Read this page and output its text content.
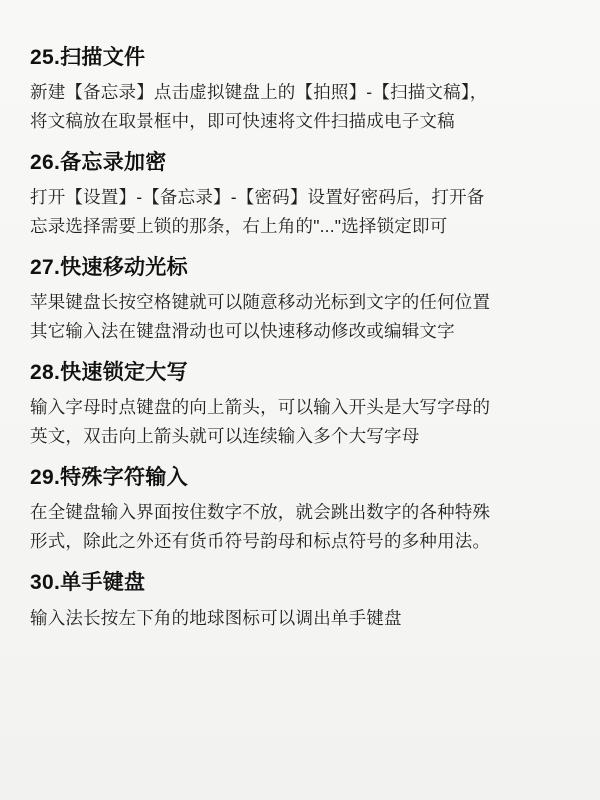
25.扫描文件

新建【备忘录】点击虚拟键盘上的【拍照】-【扫描文稿】，
将文稿放在取景框中，即可快速将文件扫描成电子文稿

26.备忘录加密

打开【设置】-【备忘录】-【密码】设置好密码后，打开备
忘录选择需要上锁的那条，右上角的"..."选择锁定即可

27.快速移动光标

苹果键盘长按空格键就可以随意移动光标到文字的任何位置
其它输入法在键盘滑动也可以快速移动修改或编辑文字

28.快速锁定大写

输入字母时点键盘的向上箭头，可以输入开头是大写字母的
英文，双击向上箭头就可以连续输入多个大写字母

29.特殊字符输入

在全键盘输入界面按住数字不放，就会跳出数字的各种特殊
形式，除此之外还有货币符号韵母和标点符号的多种用法。

30.单手键盘

输入法长按左下角的地球图标可以调出单手键盘
